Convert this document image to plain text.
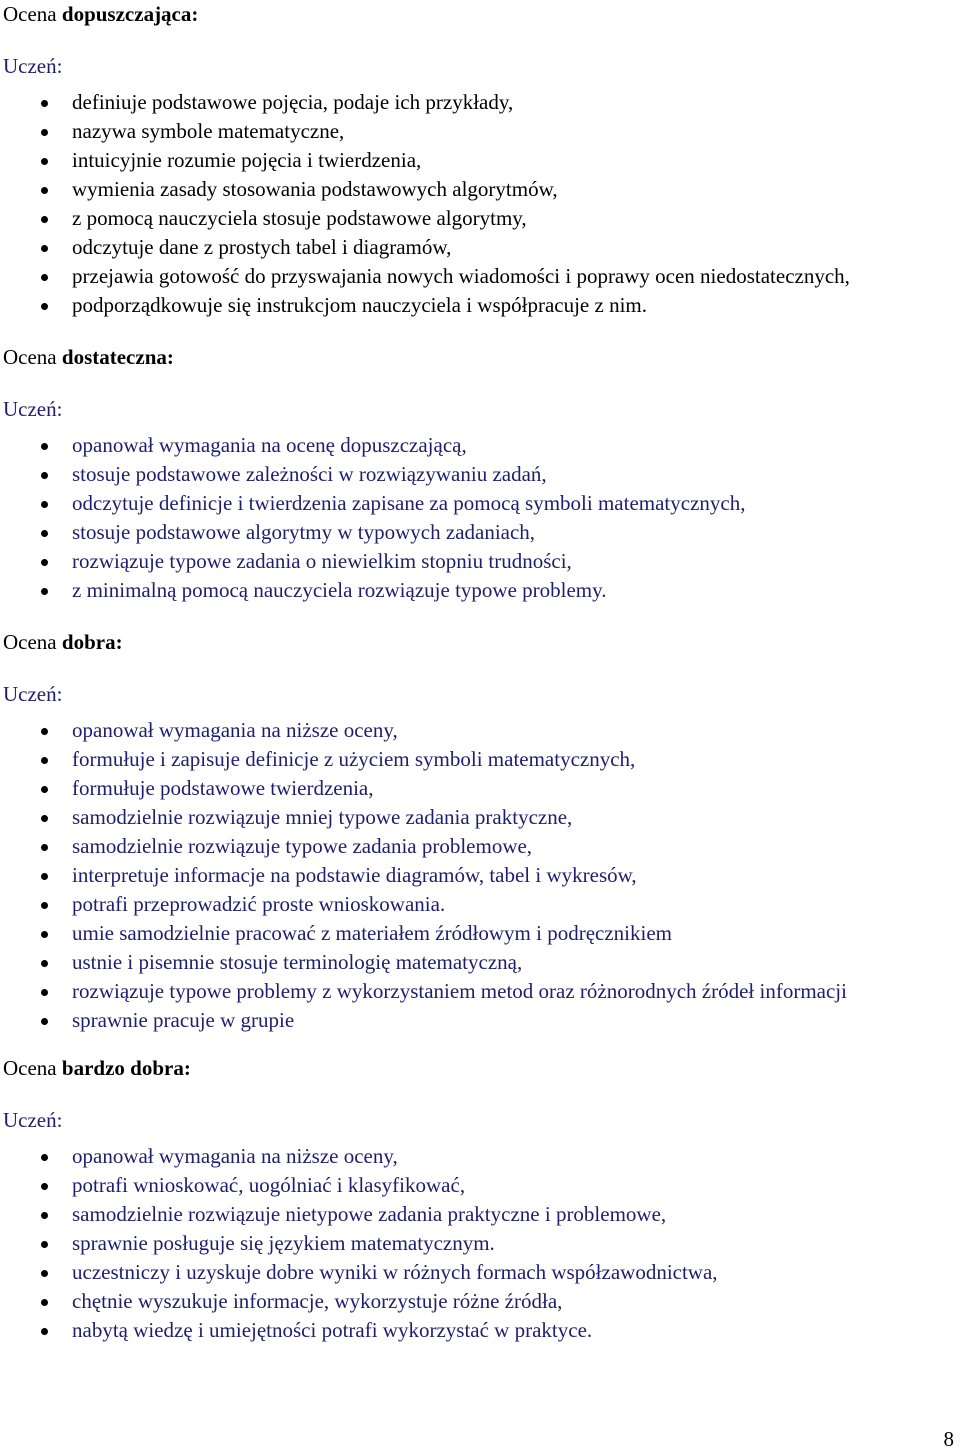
Ocena dopuszczająca:
Uczeń:
definiuje podstawowe pojęcia, podaje ich przykłady,
nazywa symbole matematyczne,
intuicyjnie rozumie pojęcia i twierdzenia,
wymienia zasady stosowania podstawowych algorytmów,
z pomocą nauczyciela stosuje podstawowe algorytmy,
odczytuje dane z prostych tabel i diagramów,
przejawia gotowość do przyswajania nowych wiadomości i poprawy ocen niedostatecznych,
podporządkowuje się instrukcjom nauczyciela i współpracuje z nim.
Ocena dostateczna:
Uczeń:
opanował wymagania na ocenę dopuszczającą,
stosuje podstawowe zależności w rozwiązywaniu zadań,
odczytuje definicje i twierdzenia zapisane za pomocą symboli matematycznych,
stosuje podstawowe algorytmy w typowych zadaniach,
rozwiązuje typowe zadania o niewielkim stopniu trudności,
z minimalną pomocą nauczyciela rozwiązuje typowe problemy.
Ocena dobra:
Uczeń:
opanował wymagania na niższe oceny,
formułuje i zapisuje definicje z użyciem symboli matematycznych,
formułuje podstawowe twierdzenia,
samodzielnie rozwiązuje mniej typowe zadania praktyczne,
samodzielnie rozwiązuje typowe zadania problemowe,
interpretuje informacje na podstawie diagramów, tabel i wykresów,
potrafi przeprowadzić proste wnioskowania.
umie samodzielnie pracować z materiałem źródłowym i podręcznikiem
ustnie i pisemnie stosuje terminologię matematyczną,
rozwiązuje typowe problemy z wykorzystaniem metod oraz różnorodnych źródeł informacji
sprawnie pracuje w grupie
Ocena bardzo dobra:
Uczeń:
opanował wymagania na niższe oceny,
potrafi wnioskować, uogólniać i klasyfikować,
samodzielnie rozwiązuje nietypowe zadania praktyczne i problemowe,
sprawnie posługuje się językiem matematycznym.
uczestniczy i uzyskuje dobre wyniki w różnych formach współzawodnictwa,
chętnie wyszukuje informacje, wykorzystuje różne źródła,
nabytą wiedzę i umiejętności potrafi wykorzystać w praktyce.
8
